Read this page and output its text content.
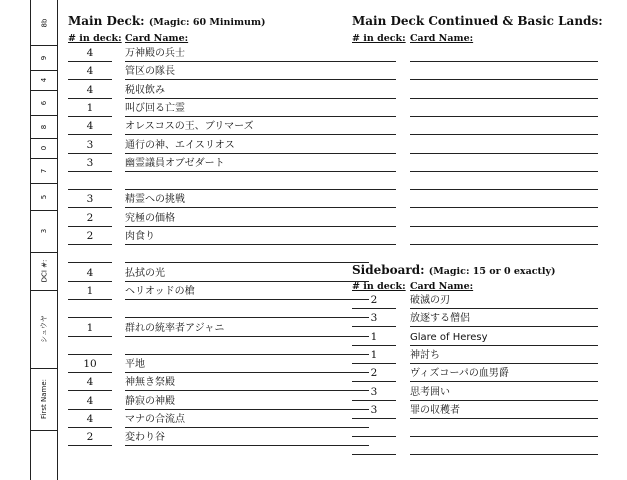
8b
9
4
6
8
0
7
5
3
DCI #:
シュウヤ
First Name:
Main Deck: (Magic: 60 Minimum)
# in deck: Card Name:
4	万神殿の兵士
4	管区の隊長
4	税収飲み
1	叫び回る亡霊
4	オレスコスの王、ブリマーズ
3	通行の神、エイスリオス
3	幽霊議員オブゼダート
3	精霊への挑戦
2	究極の価格
2	肉食り
4	払拭の光
1	ヘリオッドの槍
1	群れの統率者アジャニ
10	平地
4	神無き祭殿
4	静寂の神殿
4	マナの合流点
2	変わり谷
Main Deck Continued & Basic Lands:
# in deck: Card Name:
Sideboard: (Magic: 15 or 0 exactly)
# in deck: Card Name:
2	破滅の刃
3	放逐する僧侶
1	Glare of Heresy
1	神討ち
2	ヴィズコーパの血男爵
3	思考囲い
3	罪の収穫者
